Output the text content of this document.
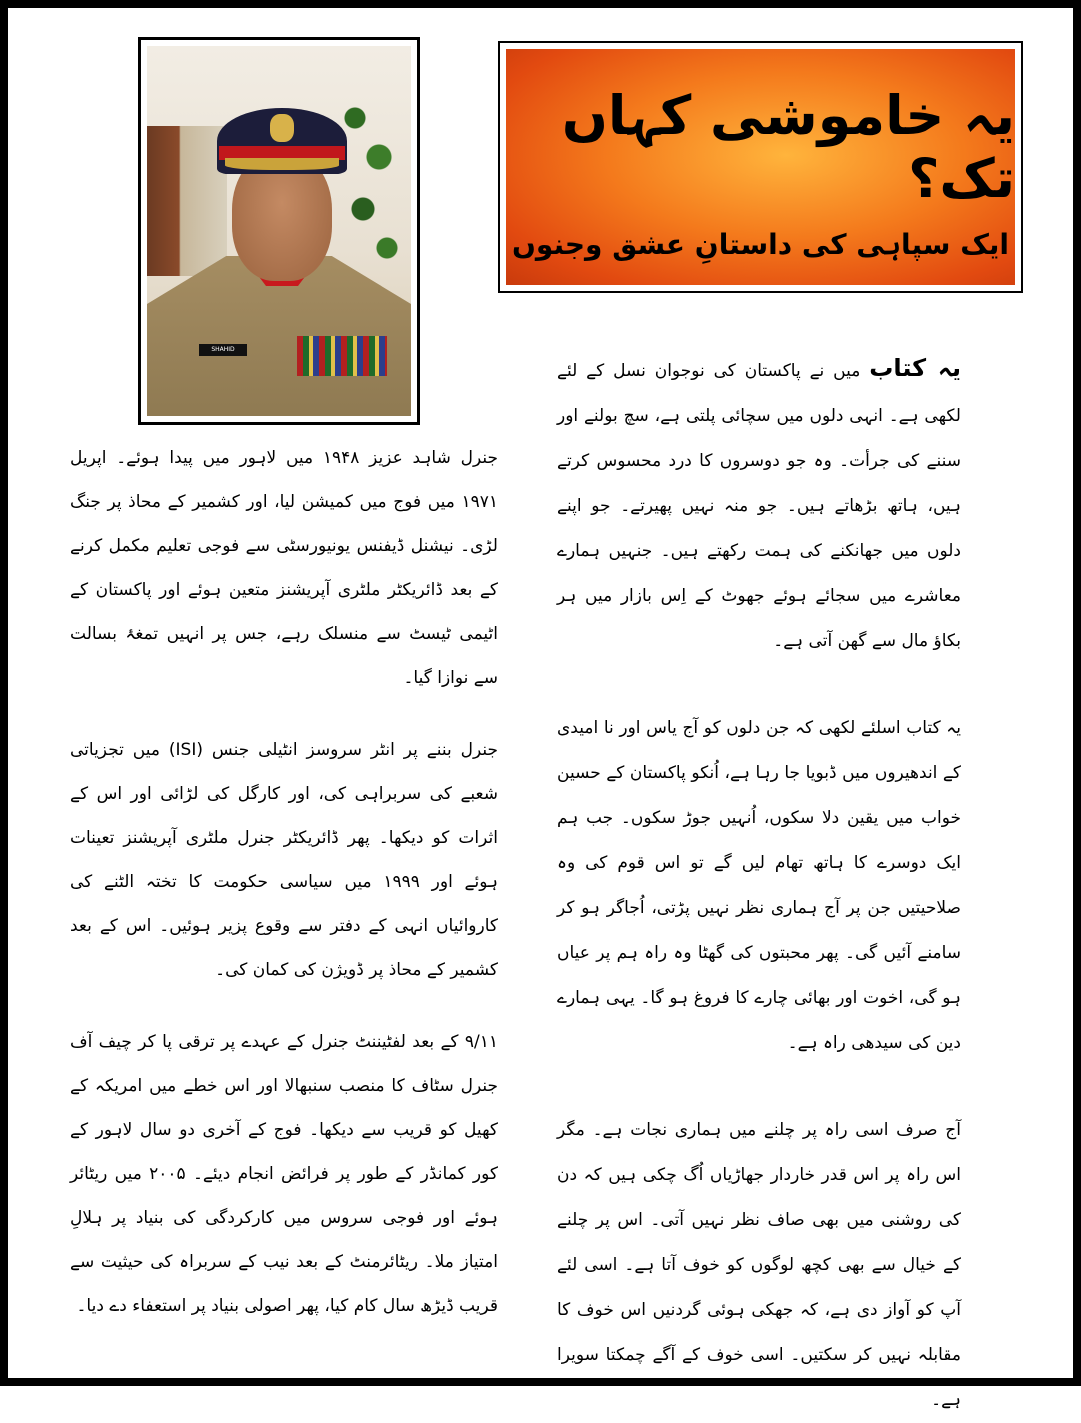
SHAHID
یہ خاموشی کہاں تک؟
ایک سپاہی کی داستانِ عشق وجنوں

جنرل شاہد عزیز ۱۹۴۸ میں لاہور میں پیدا ہوئے۔ اپریل ۱۹۷۱ میں فوج میں کمیشن لیا، اور کشمیر کے محاذ پر جنگ لڑی۔ نیشنل ڈیفنس یونیورسٹی سے فوجی تعلیم مکمل کرنے کے بعد ڈائریکٹر ملٹری آپریشنز متعین ہوئے اور پاکستان کے اٹیمی ٹیسٹ سے منسلک رہے، جس پر انہیں تمغۂ بسالت سے نوازا گیا۔

جنرل بننے پر انٹر سروسز انٹیلی جنس (ISI) میں تجزیاتی شعبے کی سربراہی کی، اور کارگل کی لڑائی اور اس کے اثرات کو دیکھا۔ پھر ڈائریکٹر جنرل ملٹری آپریشنز تعینات ہوئے اور ۱۹۹۹ میں سیاسی حکومت کا تختہ الٹنے کی کاروائیاں انہی کے دفتر سے وقوع پزیر ہوئیں۔ اس کے بعد کشمیر کے محاذ پر ڈویژن کی کمان کی۔

۹/۱۱ کے بعد لفٹیننٹ جنرل کے عہدے پر ترقی پا کر چیف آف جنرل سٹاف کا منصب سنبھالا اور اس خطے میں امریکہ کے کھیل کو قریب سے دیکھا۔ فوج کے آخری دو سال لاہور کے کور کمانڈر کے طور پر فرائض انجام دیئے۔ ۲۰۰۵ میں ریٹائر ہوئے اور فوجی سروس میں کارکردگی کی بنیاد پر ہلالِ امتیاز ملا۔ ریٹائرمنٹ کے بعد نیب کے سربراہ کی حیثیت سے قریب ڈیڑھ سال کام کیا، پھر اصولی بنیاد پر استعفاء دے دیا۔

یہ کتاب میں نے پاکستان کی نوجوان نسل کے لئے لکھی ہے۔ انہی دلوں میں سچائی پلتی ہے، سچ بولنے اور سننے کی جرأت۔ وہ جو دوسروں کا درد محسوس کرتے ہیں، ہاتھ بڑھاتے ہیں۔ جو منہ نہیں پھیرتے۔ جو اپنے دلوں میں جھانکنے کی ہمت رکھتے ہیں۔ جنہیں ہمارے معاشرے میں سجائے ہوئے جھوٹ کے اِس بازار میں ہر بکاؤ مال سے گھن آتی ہے۔

یہ کتاب اسلئے لکھی کہ جن دلوں کو آج یاس اور نا امیدی کے اندھیروں میں ڈبویا جا رہا ہے، اُنکو پاکستان کے حسین خواب میں یقین دلا سکوں، اُنہیں جوڑ سکوں۔ جب ہم ایک دوسرے کا ہاتھ تھام لیں گے تو اس قوم کی وہ صلاحیتیں جن پر آج ہماری نظر نہیں پڑتی، اُجاگر ہو کر سامنے آئیں گی۔ پھر محبتوں کی گھٹا وہ راہ ہم پر عیاں ہو گی، اخوت اور بھائی چارے کا فروغ ہو گا۔ یہی ہمارے دین کی سیدھی راہ ہے۔

آج صرف اسی راہ پر چلنے میں ہماری نجات ہے۔ مگر اس راہ پر اس قدر خاردار جھاڑیاں اُگ چکی ہیں کہ دن کی روشنی میں بھی صاف نظر نہیں آتی۔ اس پر چلنے کے خیال سے بھی کچھ لوگوں کو خوف آتا ہے۔ اسی لئے آپ کو آواز دی ہے، کہ جھکی ہوئی گردنیں اس خوف کا مقابلہ نہیں کر سکتیں۔ اسی خوف کے آگے چمکتا سویرا ہے۔
